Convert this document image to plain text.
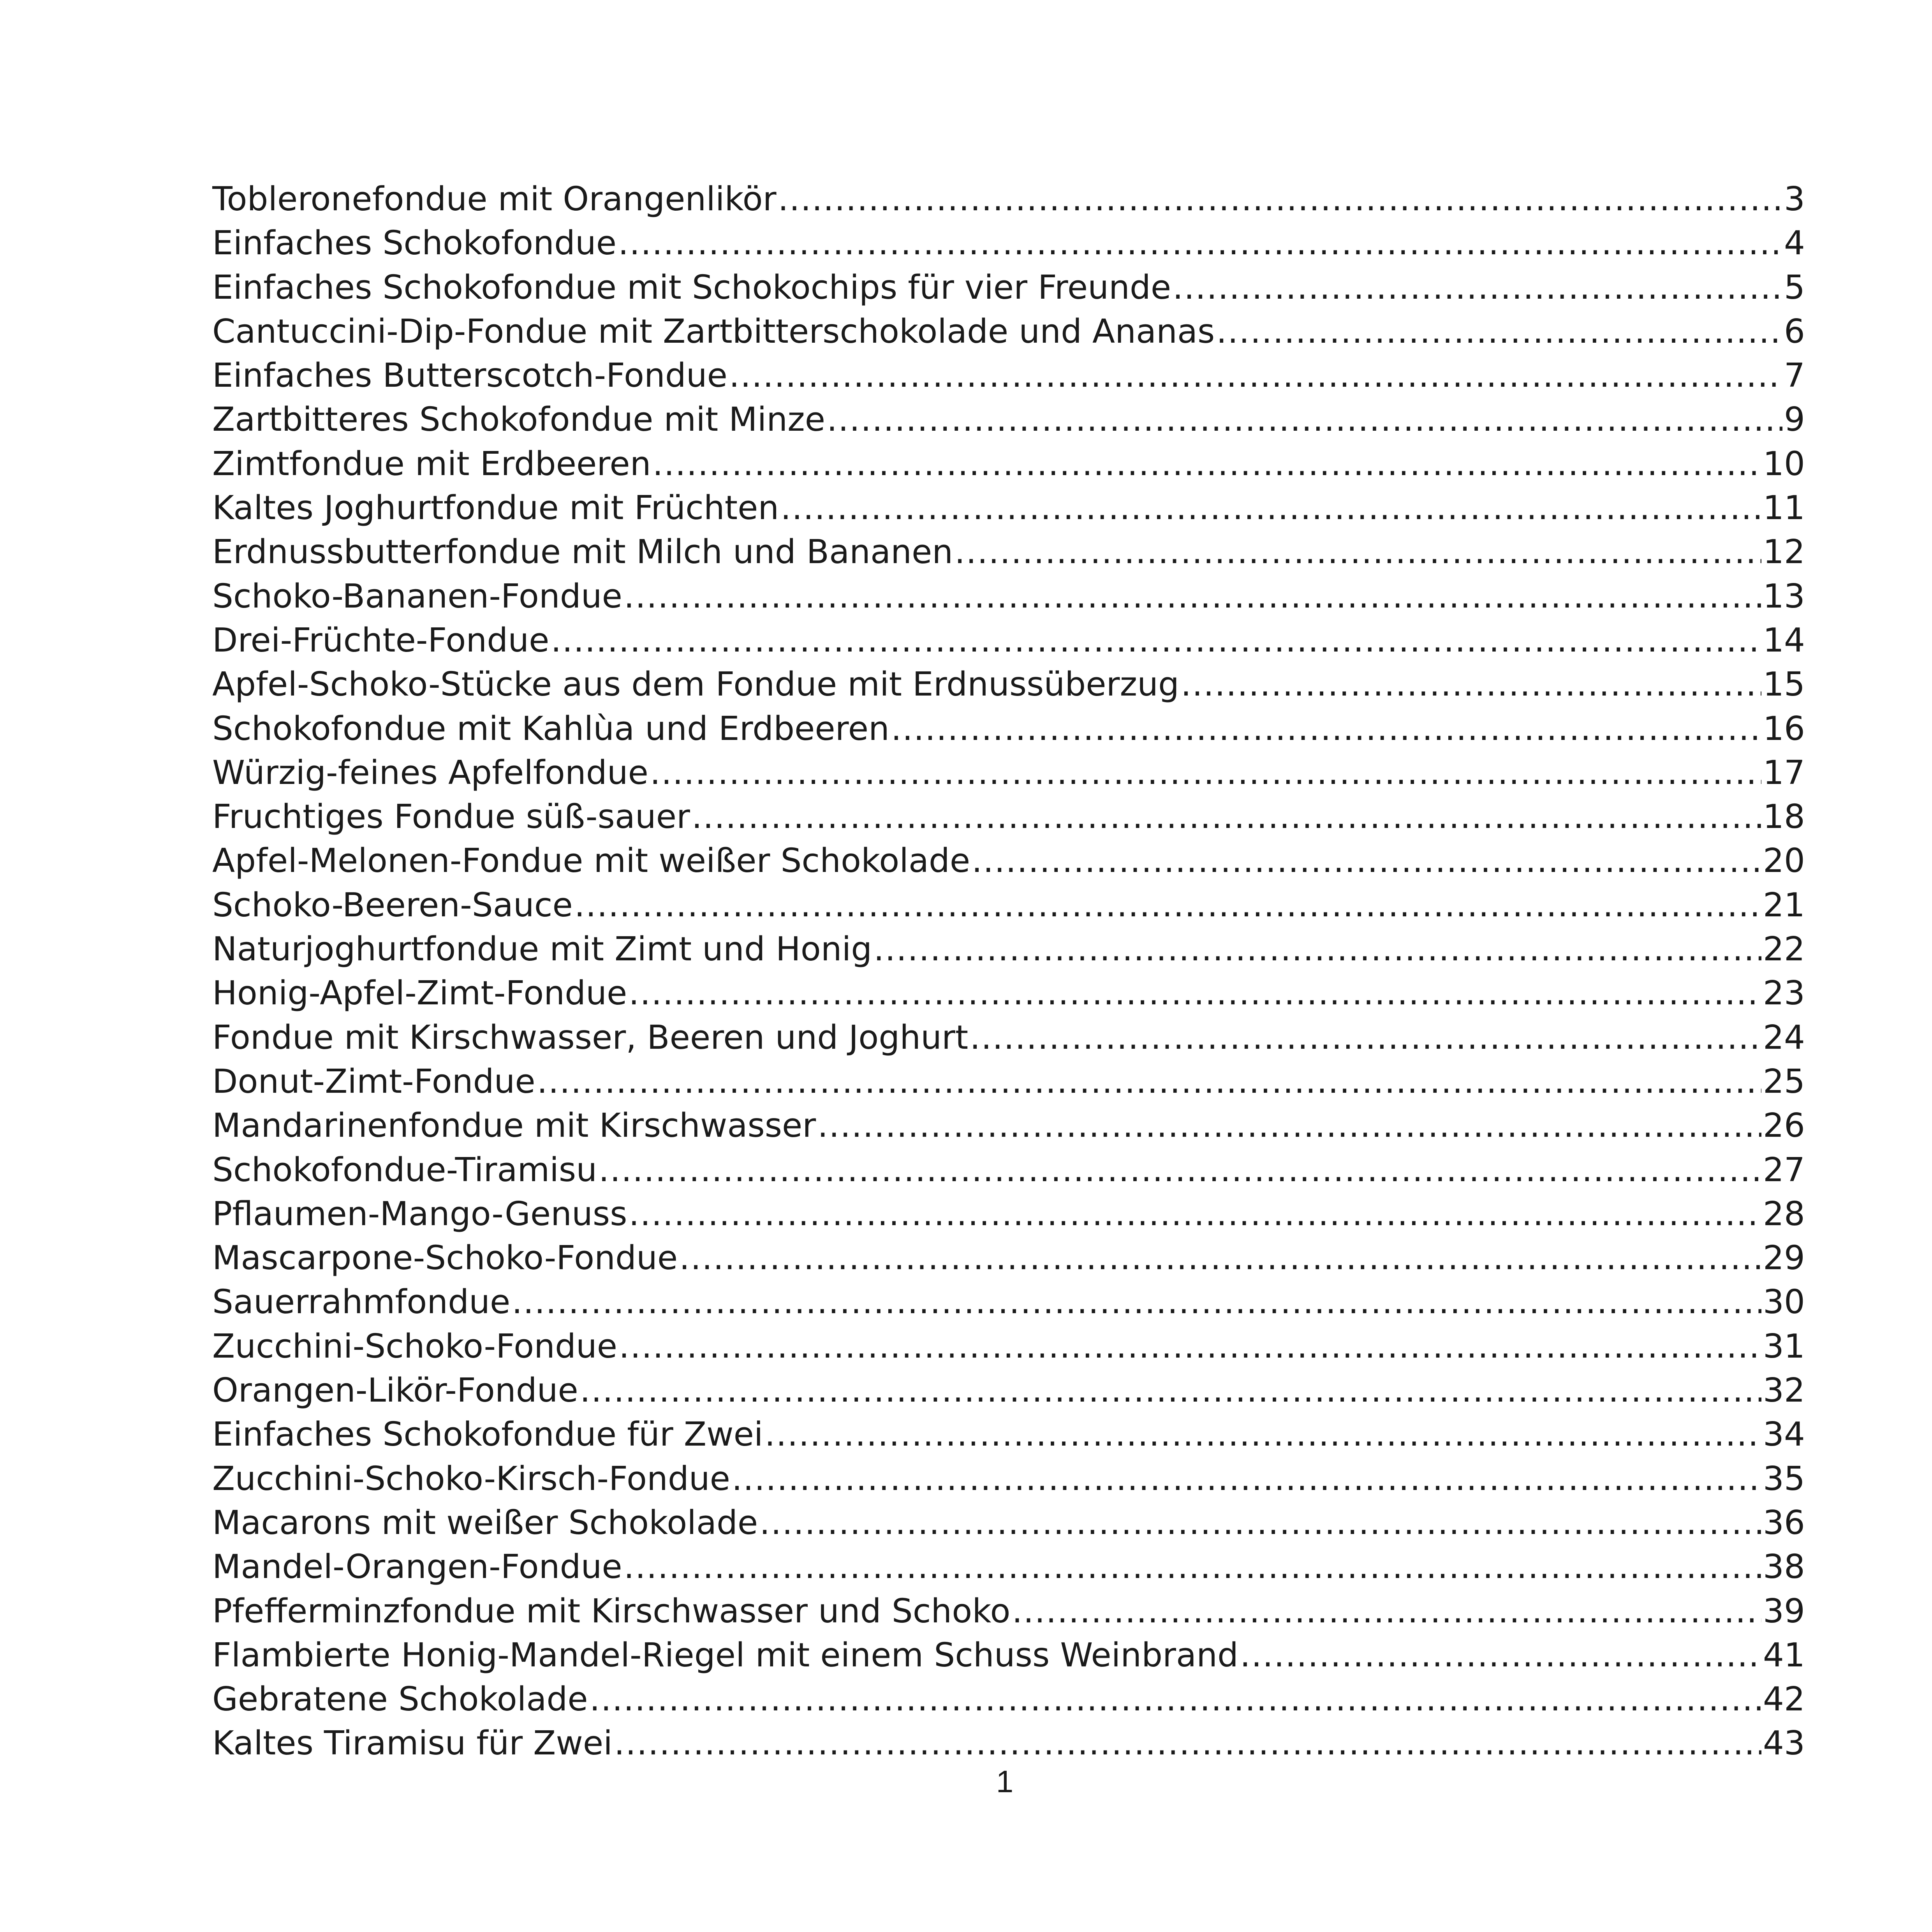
Tobleronefondue mit Orangenlikör .....	3
Einfaches Schokofondue .....	4
Einfaches Schokofondue mit Schokochips für vier Freunde .....	5
Cantuccini-Dip-Fondue mit Zartbitterschokolade und Ananas .....	6
Einfaches Butterscotch-Fondue .....	7
Zartbitteres Schokofondue mit Minze .....	9
Zimtfondue mit Erdbeeren .....	10
Kaltes Joghurtfondue mit Früchten .....	11
Erdnussbutterfondue mit Milch und Bananen .....	12
Schoko-Bananen-Fondue .....	13
Drei-Früchte-Fondue .....	14
Apfel-Schoko-Stücke aus dem Fondue mit Erdnussüberzug .....	15
Schokofondue mit Kahlùa und Erdbeeren .....	16
Würzig-feines Apfelfondue .....	17
Fruchtiges Fondue süß-sauer .....	18
Apfel-Melonen-Fondue mit weißer Schokolade .....	20
Schoko-Beeren-Sauce .....	21
Naturjoghurtfondue mit Zimt und Honig .....	22
Honig-Apfel-Zimt-Fondue .....	23
Fondue mit Kirschwasser, Beeren und Joghurt .....	24
Donut-Zimt-Fondue .....	25
Mandarinenfondue mit Kirschwasser .....	26
Schokofondue-Tiramisu .....	27
Pflaumen-Mango-Genuss .....	28
Mascarpone-Schoko-Fondue .....	29
Sauerrahmfondue .....	30
Zucchini-Schoko-Fondue .....	31
Orangen-Likör-Fondue .....	32
Einfaches Schokofondue für Zwei .....	34
Zucchini-Schoko-Kirsch-Fondue .....	35
Macarons mit weißer Schokolade .....	36
Mandel-Orangen-Fondue .....	38
Pfefferminzfondue mit Kirschwasser und Schoko .....	39
Flambierte Honig-Mandel-Riegel mit einem Schuss Weinbrand .....	41
Gebratene Schokolade .....	42
Kaltes Tiramisu für Zwei .....	43

1
